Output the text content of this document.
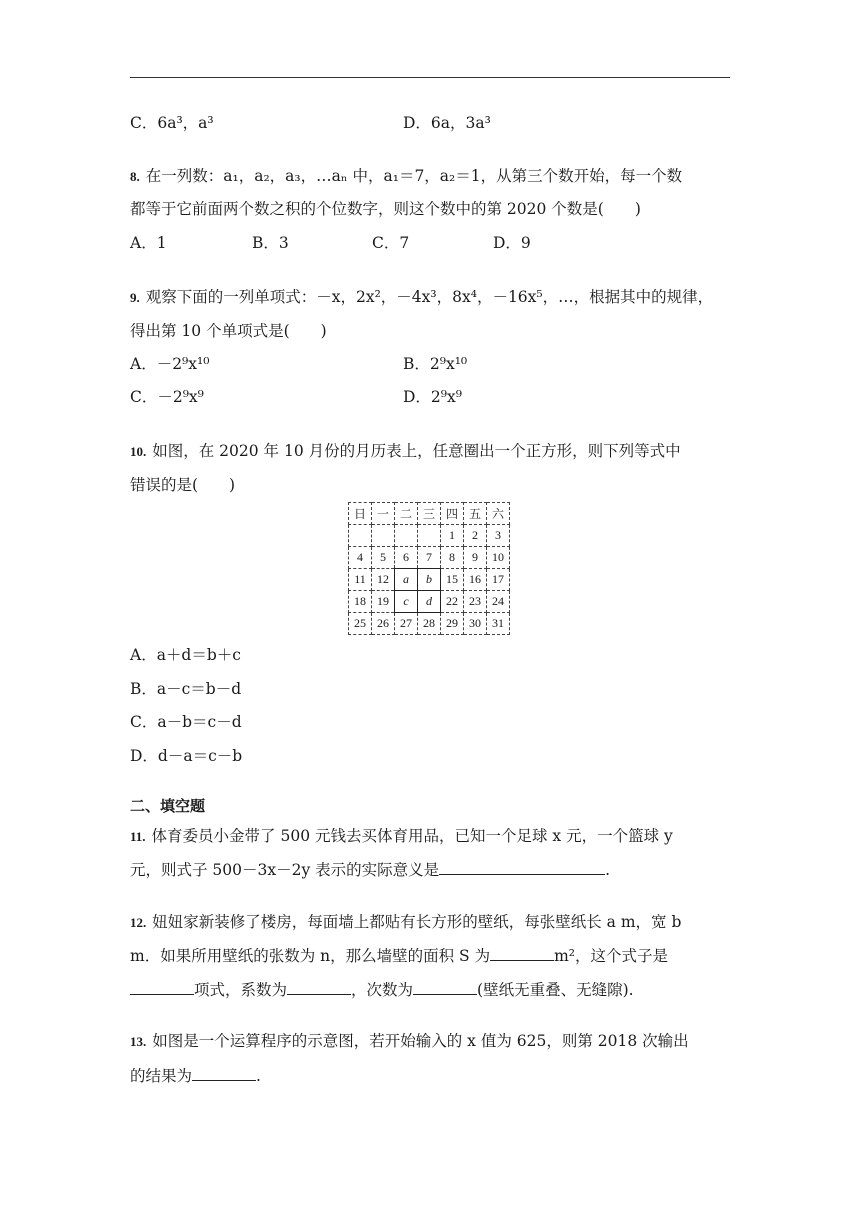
C．6a³，a³	D．6a，3a³
8. 在一列数：a₁，a₂，a₃，…aₙ 中，a₁＝7，a₂＝1，从第三个数开始，每一个数
都等于它前面两个数之积的个位数字，则这个数中的第 2020 个数是(　　)
A．1	B．3	C．7	D．9
9. 观察下面的一列单项式：－x，2x²，－4x³，8x⁴，－16x⁵，…，根据其中的规律，
得出第 10 个单项式是(　　)
A．－2⁹x¹⁰	B．2⁹x¹⁰
C．－2⁹x⁹	D．2⁹x⁹
10. 如图，在 2020 年 10 月份的月历表上，任意圈出一个正方形，则下列等式中
错误的是(　　)
日	一	二	三	四	五	六
				1	2	3
4	5	6	7	8	9	10
11	12	a	b	15	16	17
18	19	c	d	22	23	24
25	26	27	28	29	30	31
A．a＋d＝b＋c
B．a－c＝b－d
C．a－b＝c－d
D．d－a＝c－b
二、填空题
11. 体育委员小金带了 500 元钱去买体育用品，已知一个足球 x 元，一个篮球 y
元，则式子 500－3x－2y 表示的实际意义是	.
12. 妞妞家新装修了楼房，每面墙上都贴有长方形的壁纸，每张壁纸长 a m，宽 b
m．如果所用壁纸的张数为 n，那么墙壁的面积 S 为	m²，这个式子是
项式，系数为	，次数为	(壁纸无重叠、无缝隙).
13. 如图是一个运算程序的示意图，若开始输入的 x 值为 625，则第 2018 次输出
的结果为	.
